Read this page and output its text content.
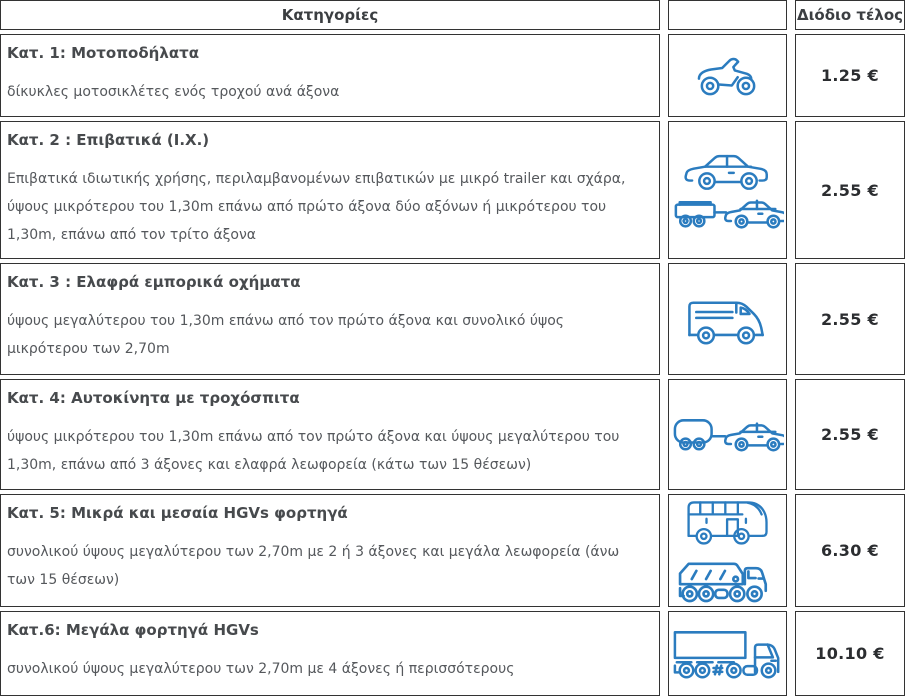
Κατηγορίες	Διόδιο τέλος
Κατ. 1: Μοτοποδήλατα
δίκυκλες μοτοσικλέτες ενός τροχού ανά άξονα
1.25 €
Κατ. 2 : Επιβατικά (Ι.Χ.)
Επιβατικά ιδιωτικής χρήσης, περιλαμβανομένων επιβατικών με μικρό trailer και σχάρα, ύψους μικρότερου του 1,30m επάνω από πρώτο άξονα δύο αξόνων ή μικρότερου του 1,30m, επάνω από τον τρίτο άξονα
2.55 €
Κατ. 3 : Ελαφρά εμπορικά οχήματα
ύψους μεγαλύτερου του 1,30m επάνω από τον πρώτο άξονα και συνολικό ύψος μικρότερου των 2,70m
2.55 €
Κατ. 4: Αυτοκίνητα με τροχόσπιτα
ύψους μικρότερου του 1,30m επάνω από τον πρώτο άξονα και ύψους μεγαλύτερου του 1,30m, επάνω από 3 άξονες και ελαφρά λεωφορεία (κάτω των 15 θέσεων)
2.55 €
Κατ. 5: Μικρά και μεσαία HGVs φορτηγά
συνολικού ύψους μεγαλύτερου των 2,70m με 2 ή 3 άξονες και μεγάλα λεωφορεία (άνω των 15 θέσεων)
6.30 €
Κατ.6: Μεγάλα φορτηγά HGVs
συνολικού ύψους μεγαλύτερου των 2,70m με 4 άξονες ή περισσότερους
10.10 €
